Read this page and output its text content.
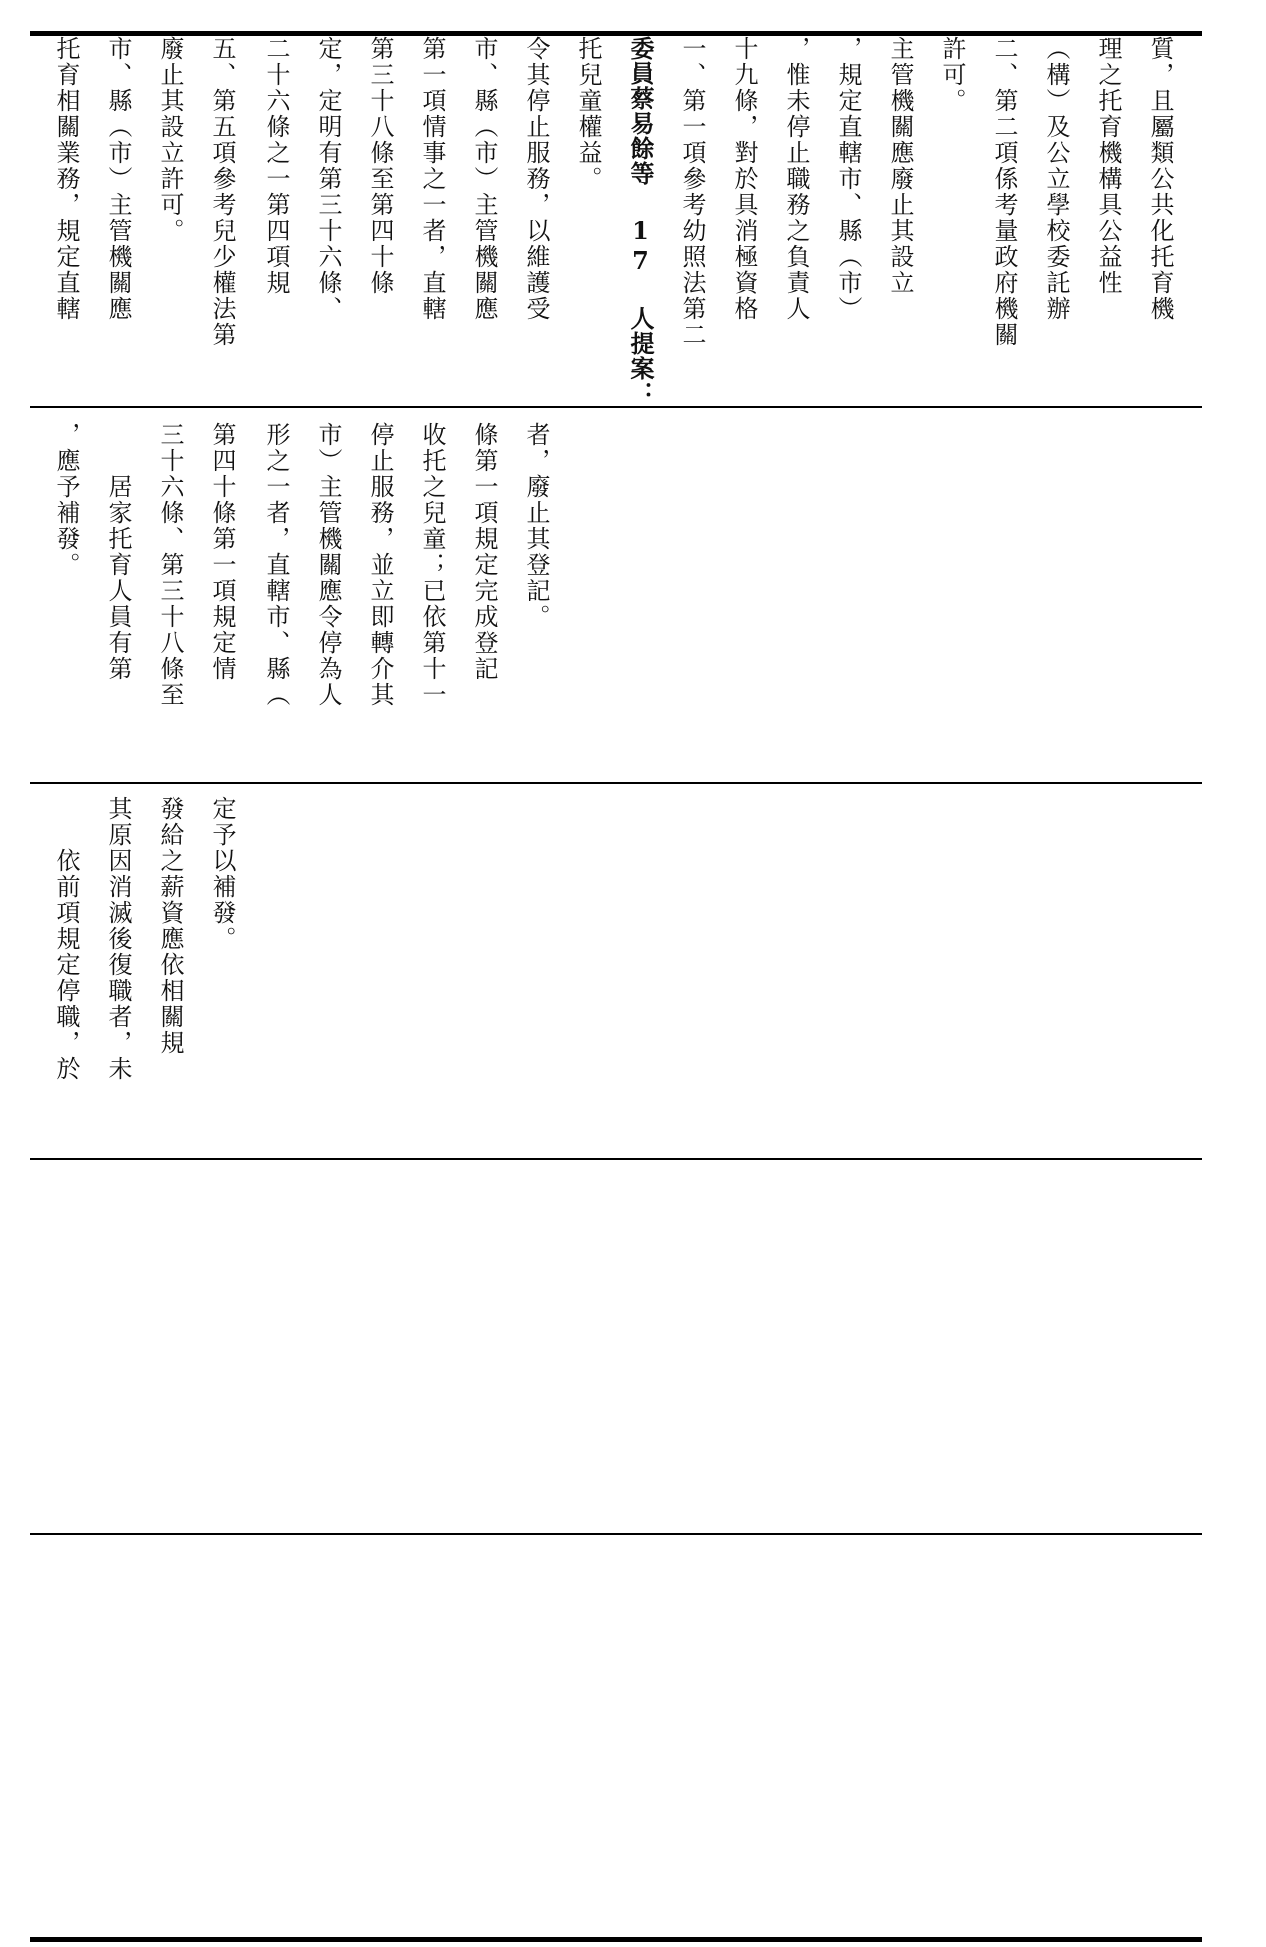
托育相關業務，規定直轄 市、縣（市）主管機關應 廢止其設立許可。 五、第五項參考兒少權法第 二十六條之一第四項規 定，定明有第三十六條、 第三十八條至第四十條 第一項情事之一者，直轄 市、縣（市）主管機關應 令其停止服務，以維護受 托兒童權益。 委員蔡易餘等 17 人提案： 一、第一項參考幼照法第二 十九條，對於具消極資格 ，惟未停止職務之負責人 ，規定直轄市、縣（市） 主管機關應廢止其設立 許可。 二、第二項係考量政府機關 （構）及公立學校委託辦 理之托育機構具公益性 質，且屬類公共化托育機
，應予補發。 　　居家托育人員有第 三十六條、第三十八條至 第四十條第一項規定情 形之一者，直轄市、縣（ 市）主管機關應令停為人 停止服務，並立即轉介其 收托之兒童；已依第十一 條第一項規定完成登記 者，廢止其登記。
　　依前項規定停職，於 其原因消滅後復職者，未 發給之薪資應依相關規 定予以補發。
